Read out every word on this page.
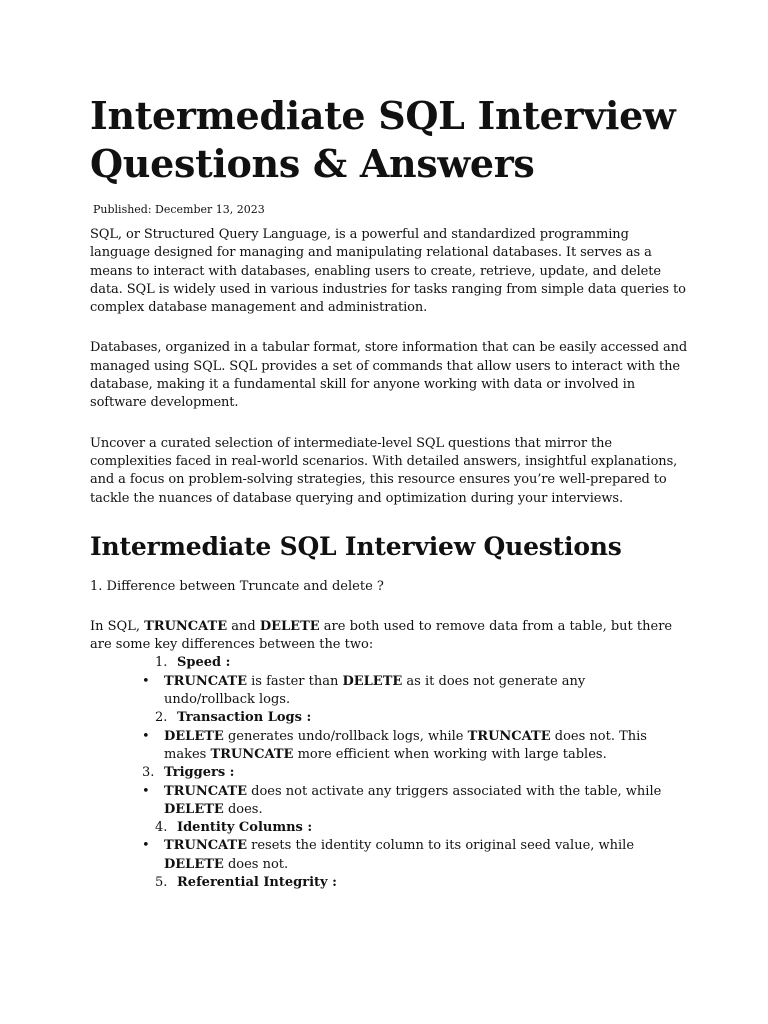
Intermediate SQL Interview
Questions & Answers
Published: December 13, 2023

SQL, or Structured Query Language, is a powerful and standardized programming language designed for managing and manipulating relational databases. It serves as a means to interact with databases, enabling users to create, retrieve, update, and delete data. SQL is widely used in various industries for tasks ranging from simple data queries to complex database management and administration.

Databases, organized in a tabular format, store information that can be easily accessed and managed using SQL. SQL provides a set of commands that allow users to interact with the database, making it a fundamental skill for anyone working with data or involved in software development.

Uncover a curated selection of intermediate-level SQL questions that mirror the complexities faced in real-world scenarios. With detailed answers, insightful explanations, and a focus on problem-solving strategies, this resource ensures you’re well-prepared to tackle the nuances of database querying and optimization during your interviews.

Intermediate SQL Interview Questions
1. Difference between Truncate and delete ?
In SQL, TRUNCATE and DELETE are both used to remove data from a table, but there are some key differences between the two:
1. Speed :
• TRUNCATE is faster than DELETE as it does not generate any undo/rollback logs.
2. Transaction Logs :
• DELETE generates undo/rollback logs, while TRUNCATE does not. This makes TRUNCATE more efficient when working with large tables.
3. Triggers :
• TRUNCATE does not activate any triggers associated with the table, while DELETE does.
4. Identity Columns :
• TRUNCATE resets the identity column to its original seed value, while DELETE does not.
5. Referential Integrity :
